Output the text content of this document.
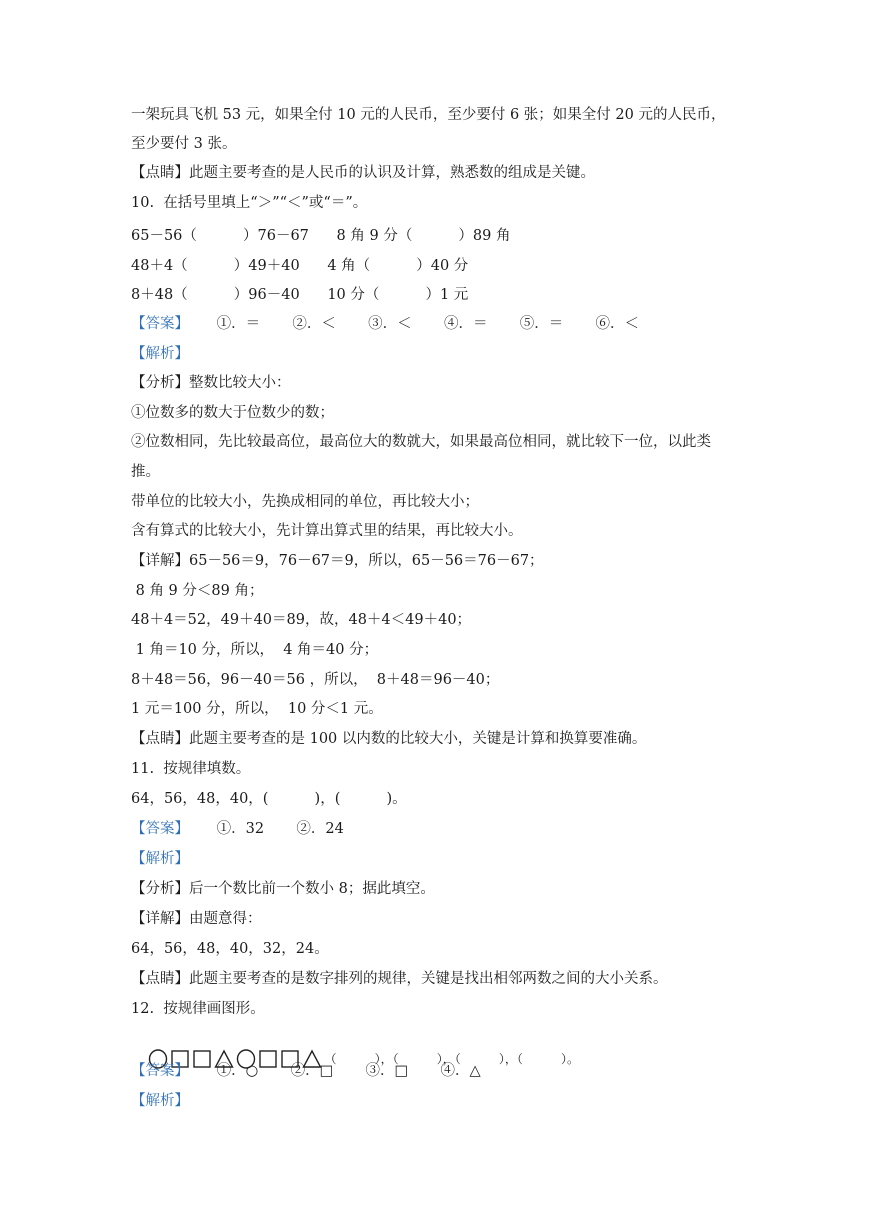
一架玩具飞机 53 元，如果全付 10 元的人民币，至少要付 6 张；如果全付 20 元的人民币，
至少要付 3 张。
【点睛】此题主要考查的是人民币的认识及计算，熟悉数的组成是关键。
10.  在括号里填上“＞”“＜”或“＝”。
65－56（          ）76－67      8 角 9 分（          ）89 角
48＋4（          ）49＋40      4 角（          ）40 分
8＋48（          ）96－40      10 分（          ）1 元
【答案】      ①．＝       ②．＜       ③．＜       ④．＝       ⑤．＝       ⑥．＜
【解析】
【分析】整数比较大小：
①位数多的数大于位数少的数；
②位数相同，先比较最高位，最高位大的数就大，如果最高位相同，就比较下一位，以此类
推。
带单位的比较大小，先换成相同的单位，再比较大小；
含有算式的比较大小，先计算出算式里的结果，再比较大小。
【详解】65－56＝9，76－67＝9，所以，65－56＝76－67；
8 角 9 分＜89 角；
48＋4＝52，49＋40＝89，故，48＋4＜49＋40；
1 角＝10 分，所以，  4 角＝40 分；
8＋48＝56，96－40＝56 ，所以，  8＋48＝96－40；
1 元＝100 分，所以，  10 分＜1 元。
【点睛】此题主要考查的是 100 以内数的比较大小，关键是计算和换算要准确。
11.  按规律填数。
64，56，48，40，(          )，(          )。
【答案】      ①．32       ②．24
【解析】
【分析】后一个数比前一个数小 8；据此填空。
【详解】由题意得：
64，56，48，40，32，24。
【点睛】此题主要考查的是数字排列的规律，关键是找出相邻两数之间的大小关系。
12.  按规律画图形。

（          ），（          ），（          ），（          ）。

【答案】      ①．○       ②．□       ③．□       ④．△
【解析】
